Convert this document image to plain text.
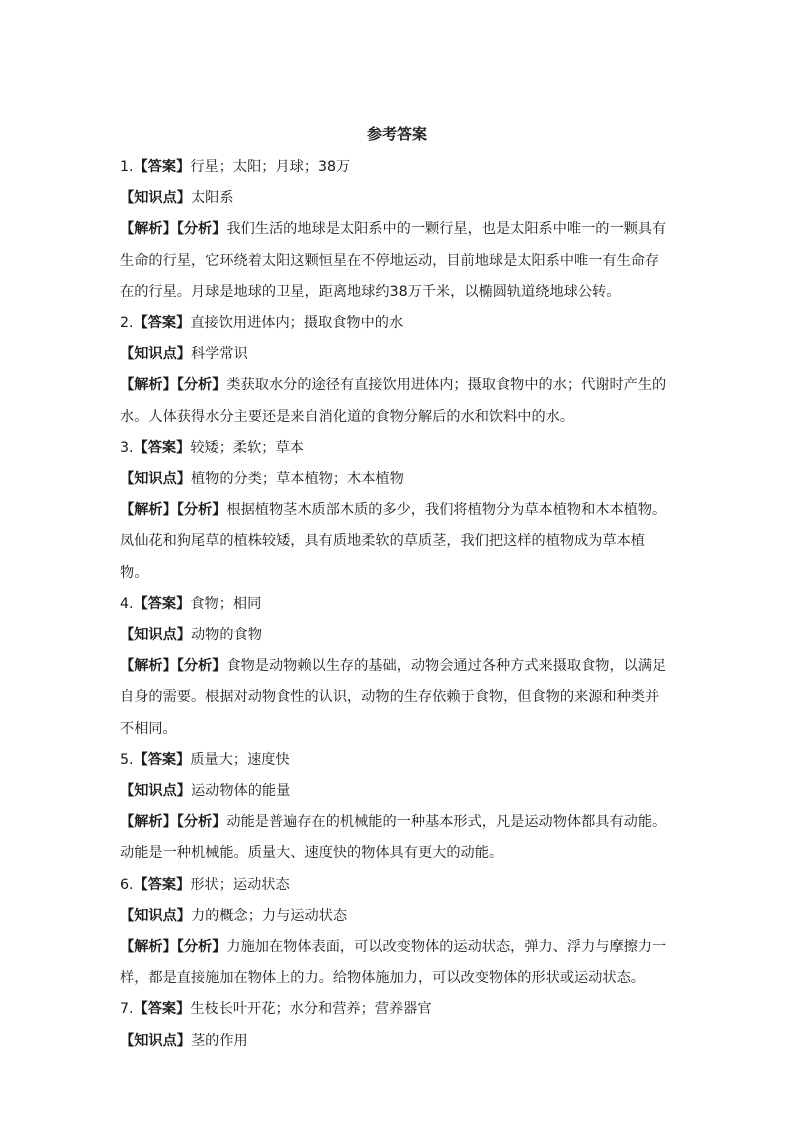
参考答案

1.【答案】行星；太阳；月球；38万

【知识点】太阳系

【解析】【分析】我们生活的地球是太阳系中的一颗行星，也是太阳系中唯一的一颗具有生命的行星，它环绕着太阳这颗恒星在不停地运动，目前地球是太阳系中唯一有生命存在的行星。月球是地球的卫星，距离地球约38万千米，以椭圆轨道绕地球公转。

2.【答案】直接饮用进体内；摄取食物中的水

【知识点】科学常识

【解析】【分析】类获取水分的途径有直接饮用进体内；摄取食物中的水；代谢时产生的水。人体获得水分主要还是来自消化道的食物分解后的水和饮料中的水。

3.【答案】较矮；柔软；草本

【知识点】植物的分类；草本植物；木本植物

【解析】【分析】根据植物茎木质部木质的多少，我们将植物分为草本植物和木本植物。凤仙花和狗尾草的植株较矮，具有质地柔软的草质茎，我们把这样的植物成为草本植物。

4.【答案】食物；相同

【知识点】动物的食物

【解析】【分析】食物是动物赖以生存的基础，动物会通过各种方式来摄取食物，以满足自身的需要。根据对动物食性的认识，动物的生存依赖于食物，但食物的来源和种类并不相同。

5.【答案】质量大；速度快

【知识点】运动物体的能量

【解析】【分析】动能是普遍存在的机械能的一种基本形式，凡是运动物体都具有动能。动能是一种机械能。质量大、速度快的物体具有更大的动能。

6.【答案】形状；运动状态

【知识点】力的概念；力与运动状态

【解析】【分析】力施加在物体表面，可以改变物体的运动状态，弹力、浮力与摩擦力一样，都是直接施加在物体上的力。给物体施加力，可以改变物体的形状或运动状态。

7.【答案】生枝长叶开花；水分和营养；营养器官

【知识点】茎的作用
